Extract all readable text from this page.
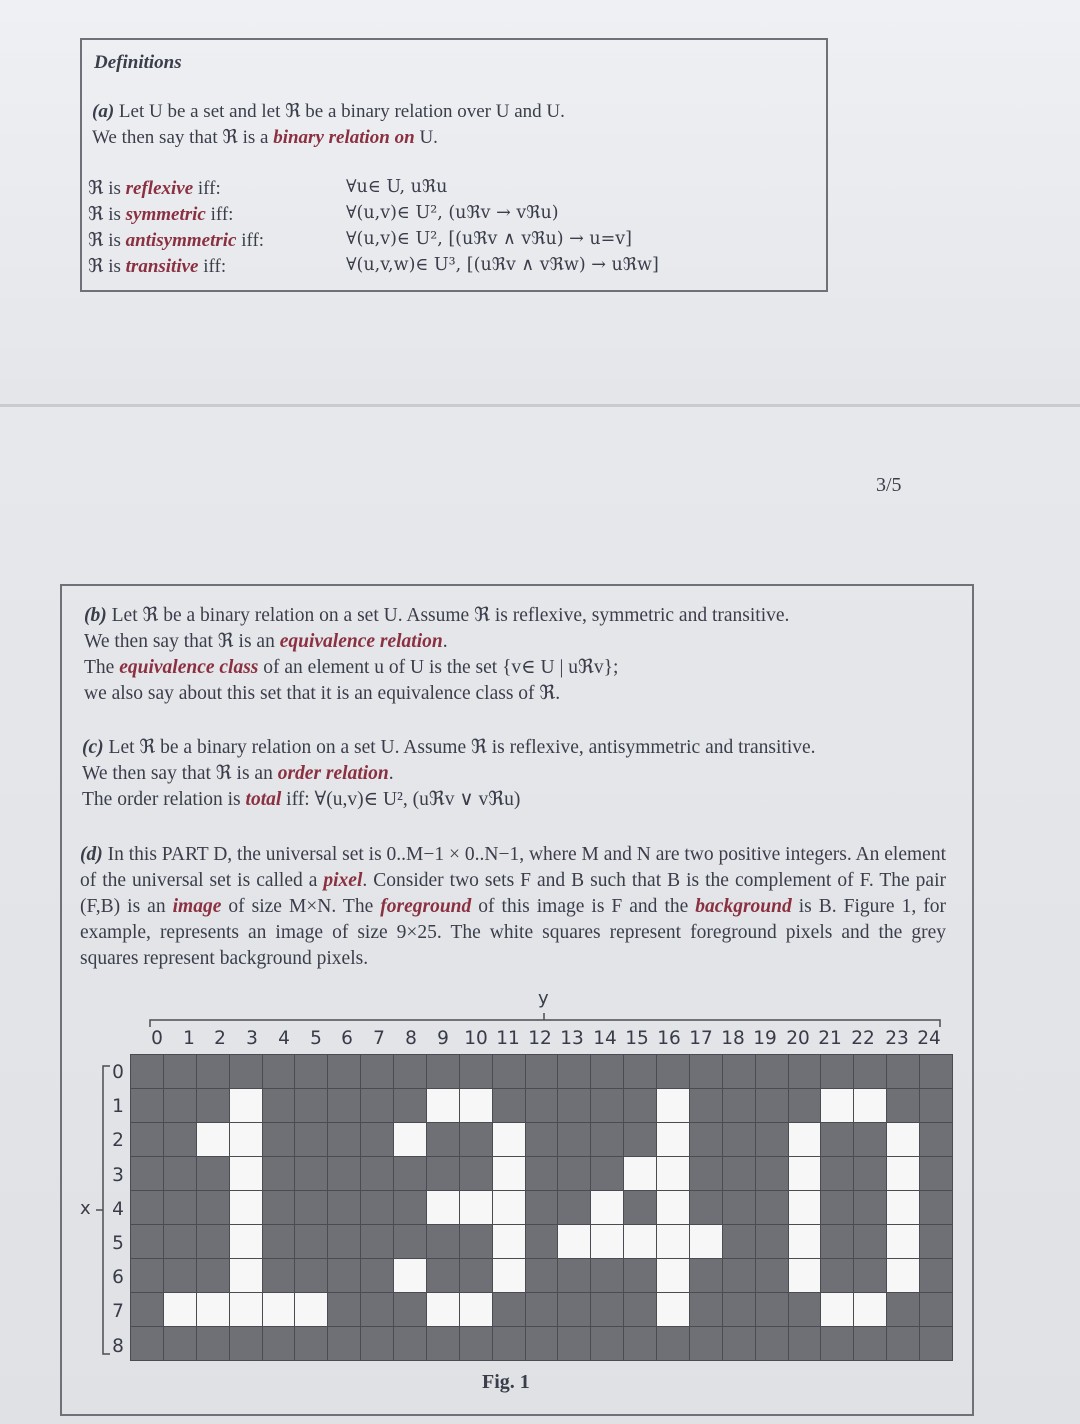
Definitions
(a) Let U be a set and let ℜ be a binary relation over U and U.
We then say that ℜ is a binary relation on U.
ℜ is reflexive iff:	∀u∈ U, uℜu
ℜ is symmetric iff:	∀(u,v)∈ U², (uℜv → vℜu)
ℜ is antisymmetric iff:	∀(u,v)∈ U², [(uℜv ∧ vℜu) → u=v]
ℜ is transitive iff:	∀(u,v,w)∈ U³, [(uℜv ∧ vℜw) → uℜw]
3/5
(b) Let ℜ be a binary relation on a set U. Assume ℜ is reflexive, symmetric and transitive.
We then say that ℜ is an equivalence relation.
The equivalence class of an element u of U is the set {v∈ U | uℜv};
we also say about this set that it is an equivalence class of ℜ.
(c) Let ℜ be a binary relation on a set U. Assume ℜ is reflexive, antisymmetric and transitive.
We then say that ℜ is an order relation.
The order relation is total iff: ∀(u,v)∈ U², (uℜv ∨ vℜu)
(d) In this PART D, the universal set is 0..M−1 × 0..N−1, where M and N are two positive integers. An element of the universal set is called a pixel. Consider two sets F and B such that B is the complement of F. The pair (F,B) is an image of size M×N. The foreground of this image is F and the background is B. Figure 1, for example, represents an image of size 9×25. The white squares represent foreground pixels and the grey squares represent background pixels.
y
x
0	1	2	3	4	5	6	7	8	9 10 11 12 13 14 15 16 17 18 19 20 21 22 23 24
0
1
2
3
4
5
6
7
8
Fig. 1
